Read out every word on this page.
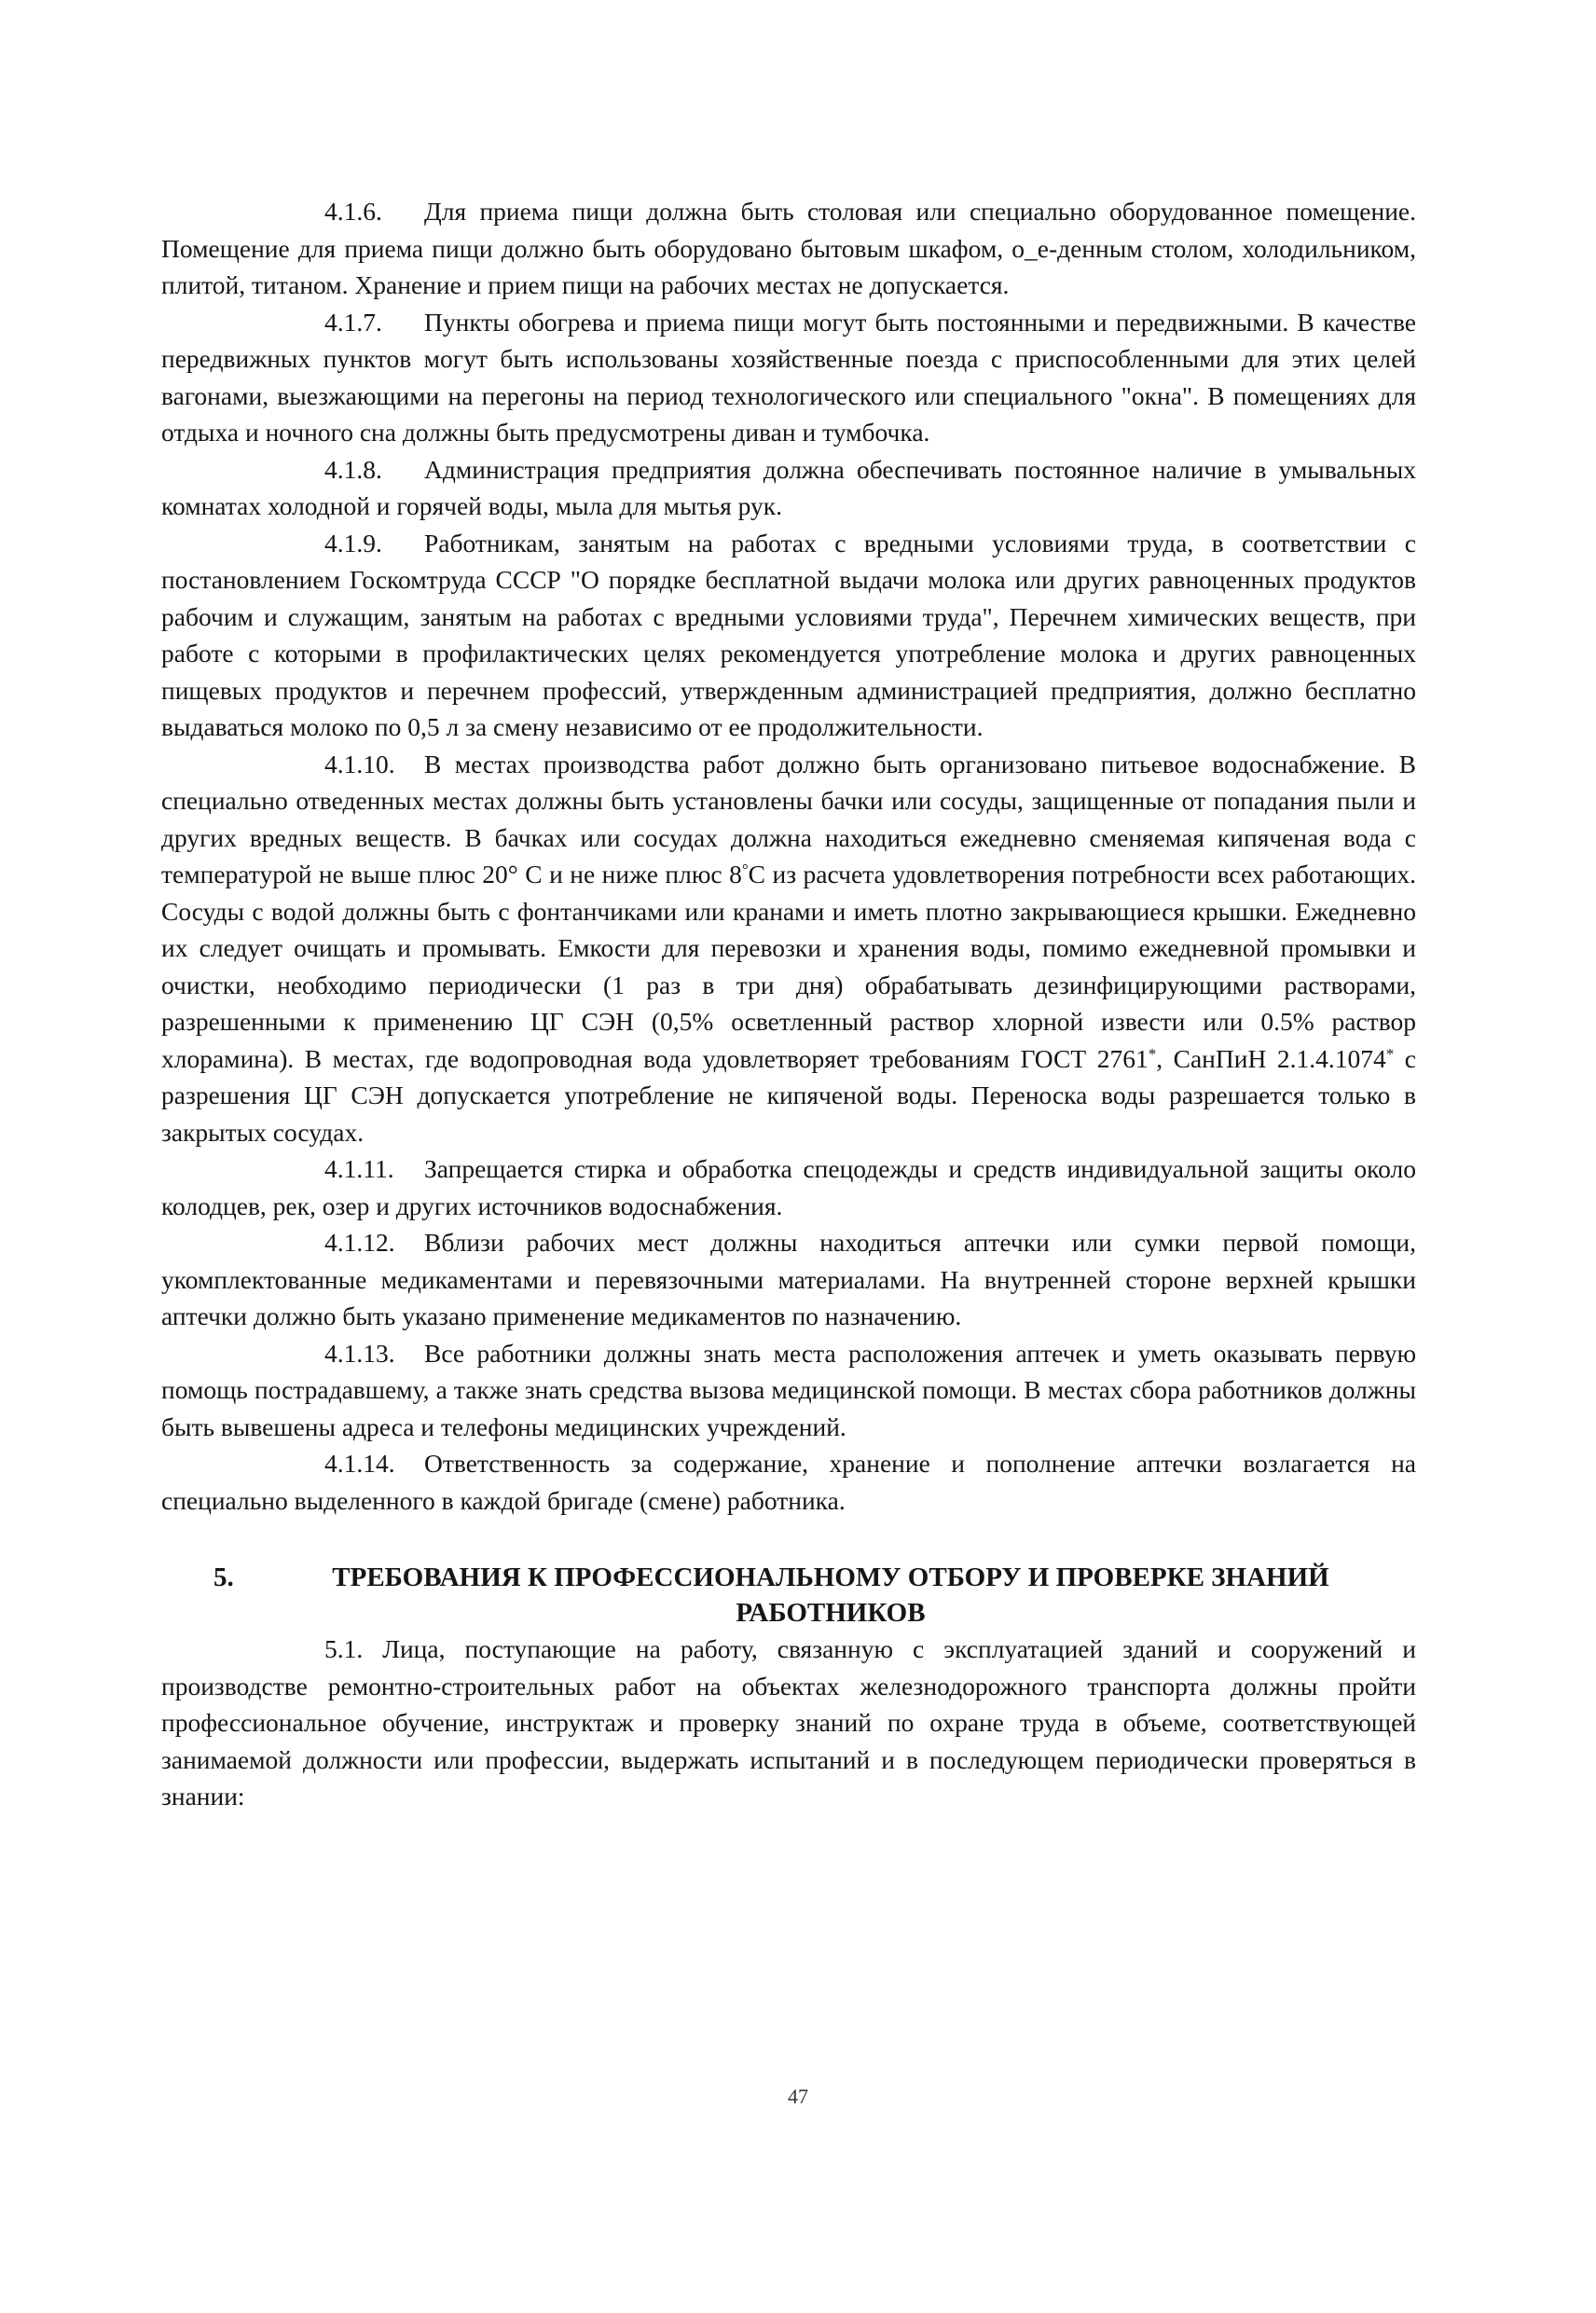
4.1.6. Для приема пищи должна быть столовая или специально оборудованное помещение. Помещение для приема пищи должно быть оборудовано бытовым шкафом, о_е-денным столом, холодильником, плитой, титаном. Хранение и прием пищи на рабочих местах не допускается.

4.1.7. Пункты обогрева и приема пищи могут быть постоянными и передвижными. В качестве передвижных пунктов могут быть использованы хозяйственные поезда с приспособленными для этих целей вагонами, выезжающими на перегоны на период технологического или специального "окна". В помещениях для отдыха и ночного сна должны быть предусмотрены диван и тумбочка.

4.1.8. Администрация предприятия должна обеспечивать постоянное наличие в умывальных комнатах холодной и горячей воды, мыла для мытья рук.

4.1.9. Работникам, занятым на работах с вредными условиями труда, в соответствии с постановлением Госкомтруда СССР "О порядке бесплатной выдачи молока или других равноценных продуктов рабочим и служащим, занятым на работах с вредными условиями труда", Перечнем химических веществ, при работе с которыми в профилактических целях рекомендуется употребление молока и других равноценных пищевых продуктов и перечнем профессий, утвержденным администрацией предприятия, должно бесплатно выдаваться молоко по 0,5 л за смену независимо от ее продолжительности.

4.1.10. В местах производства работ должно быть организовано питьевое водоснабжение. В специально отведенных местах должны быть установлены бачки или сосуды, защищенные от попадания пыли и других вредных веществ. В бачках или сосудах должна находиться ежедневно сменяемая кипяченая вода с температурой не выше плюс 20° С и не ниже плюс 8°С из расчета удовлетворения потребности всех работающих. Сосуды с водой должны быть с фонтанчиками или кранами и иметь плотно закрывающиеся крышки. Ежедневно их следует очищать и промывать. Емкости для перевозки и хранения воды, помимо ежедневной промывки и очистки, необходимо периодически (1 раз в три дня) обрабатывать дезинфицирующими растворами, разрешенными к применению ЦГ СЭН (0,5% осветленный раствор хлорной извести или 0.5% раствор хлорамина). В местах, где водопроводная вода удовлетворяет требованиям ГОСТ 2761*, СанПиН 2.1.4.1074* с разрешения ЦГ СЭН допускается употребление не кипяченой воды. Переноска воды разрешается только в закрытых сосудах.

4.1.11. Запрещается стирка и обработка спецодежды и средств индивидуальной защиты около колодцев, рек, озер и других источников водоснабжения.

4.1.12. Вблизи рабочих мест должны находиться аптечки или сумки первой помощи, укомплектованные медикаментами и перевязочными материалами. На внутренней стороне верхней крышки аптечки должно быть указано применение медикаментов по назначению.

4.1.13. Все работники должны знать места расположения аптечек и уметь оказывать первую помощь пострадавшему, а также знать средства вызова медицинской помощи. В местах сбора работников должны быть вывешены адреса и телефоны медицинских учреждений.

4.1.14. Ответственность за содержание, хранение и пополнение аптечки возлагается на специально выделенного в каждой бригаде (смене) работника.

5.	ТРЕБОВАНИЯ К ПРОФЕССИОНАЛЬНОМУ ОТБОРУ И ПРОВЕРКЕ ЗНАНИЙ РАБОТНИКОВ

5.1. Лица, поступающие на работу, связанную с эксплуатацией зданий и сооружений и производстве ремонтно-строительных работ на объектах железнодорожного транспорта должны пройти профессиональное обучение, инструктаж и проверку знаний по охране труда в объеме, соответствующей занимаемой должности или профессии, выдержать испытаний и в последующем периодически проверяться в знании:

47
